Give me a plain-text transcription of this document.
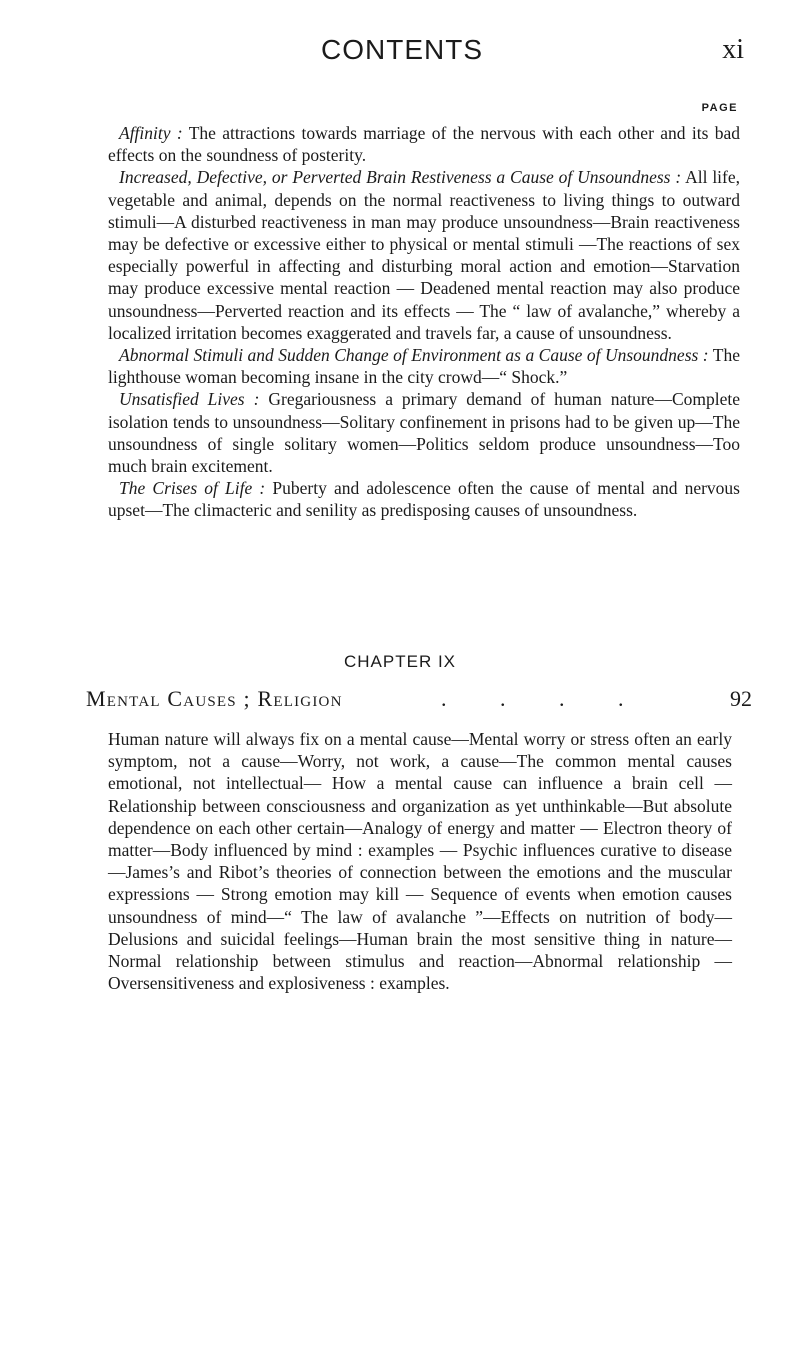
CONTENTS	xi
PAGE

Affinity : The attractions towards marriage of the nervous with each other and its bad effects on the soundness of posterity.

Increased, Defective, or Perverted Brain Restiveness a Cause of Unsoundness : All life, vegetable and animal, depends on the normal reactiveness to living things to outward stimuli—A disturbed reactiveness in man may produce unsoundness—Brain reactiveness may be defective or excessive either to physical or mental stimuli —The reactions of sex especially powerful in affecting and disturbing moral action and emotion—Starvation may produce excessive mental reaction — Deadened mental reaction may also produce unsoundness—Perverted reaction and its effects — The “ law of avalanche,” whereby a localized irritation becomes exaggerated and travels far, a cause of unsoundness.

Abnormal Stimuli and Sudden Change of Environment as a Cause of Unsoundness : The lighthouse woman becoming insane in the city crowd—“ Shock.”

Unsatisfied Lives : Gregariousness a primary demand of human nature—Complete isolation tends to unsoundness—Solitary confinement in prisons had to be given up—The unsoundness of single solitary women—Politics seldom produce unsoundness—Too much brain excitement.

The Crises of Life : Puberty and adolescence often the cause of mental and nervous upset—The climacteric and senility as predisposing causes of unsoundness.

CHAPTER IX
Mental Causes ; Religion	. . . .	92

Human nature will always fix on a mental cause—Mental worry or stress often an early symptom, not a cause—Worry, not work, a cause—The common mental causes emotional, not intellectual— How a mental cause can influence a brain cell — Relationship between consciousness and organization as yet unthinkable—But absolute dependence on each other certain—Analogy of energy and matter — Electron theory of matter—Body influenced by mind : examples — Psychic influences curative to disease—James’s and Ribot’s theories of connection between the emotions and the muscular expressions — Strong emotion may kill — Sequence of events when emotion causes unsoundness of mind—“ The law of avalanche ”—Effects on nutrition of body—Delusions and suicidal feelings—Human brain the most sensitive thing in nature—Normal relationship between stimulus and reaction—Abnormal relationship —Oversensitiveness and explosiveness : examples.
